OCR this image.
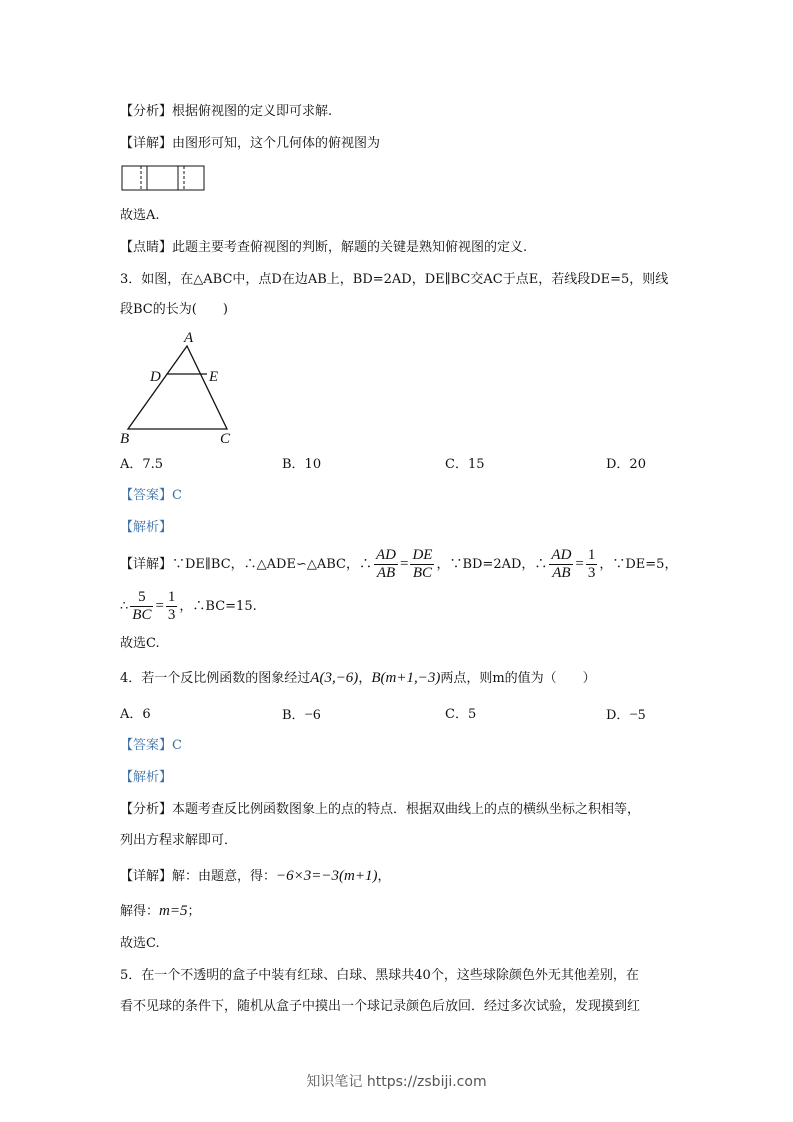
【分析】根据俯视图的定义即可求解.
【详解】由图形可知，这个几何体的俯视图为
故选A.
【点睛】此题主要考查俯视图的判断，解题的关键是熟知俯视图的定义.
3．如图，在△ABC中，点D在边AB上，BD=2AD，DE∥BC交AC于点E，若线段DE=5，则线
段BC的长为(　　)
A
D	E
B	C
A．7.5	B．10	C．15	D．20
【答案】C
【解析】
【详解】∵DE∥BC，∴△ADE∽△ABC，∴ $\frac{AD}{AB} = \frac{DE}{BC}$ ，∵BD=2AD，∴ $\frac{AD}{AB} = \frac{1}{3}$ ，∵DE=5，
∴ $\frac{5}{BC} = \frac{1}{3}$ ，∴BC=15.
故选C.
4．若一个反比例函数的图象经过A(3,−6)，B(m+1,−3)两点，则m的值为（　　）
A．6	B．−6	C．5	D．−5
【答案】C
【解析】
【分析】本题考查反比例函数图象上的点的特点．根据双曲线上的点的横纵坐标之积相等，
列出方程求解即可．
【详解】解：由题意，得：−6×3=−3(m+1)，
解得：m=5；
故选C.
5．在一个不透明的盒子中装有红球、白球、黑球共40个，这些球除颜色外无其他差别，在
看不见球的条件下，随机从盒子中摸出一个球记录颜色后放回．经过多次试验，发现摸到红
知识笔记 https://zsbiji.com
